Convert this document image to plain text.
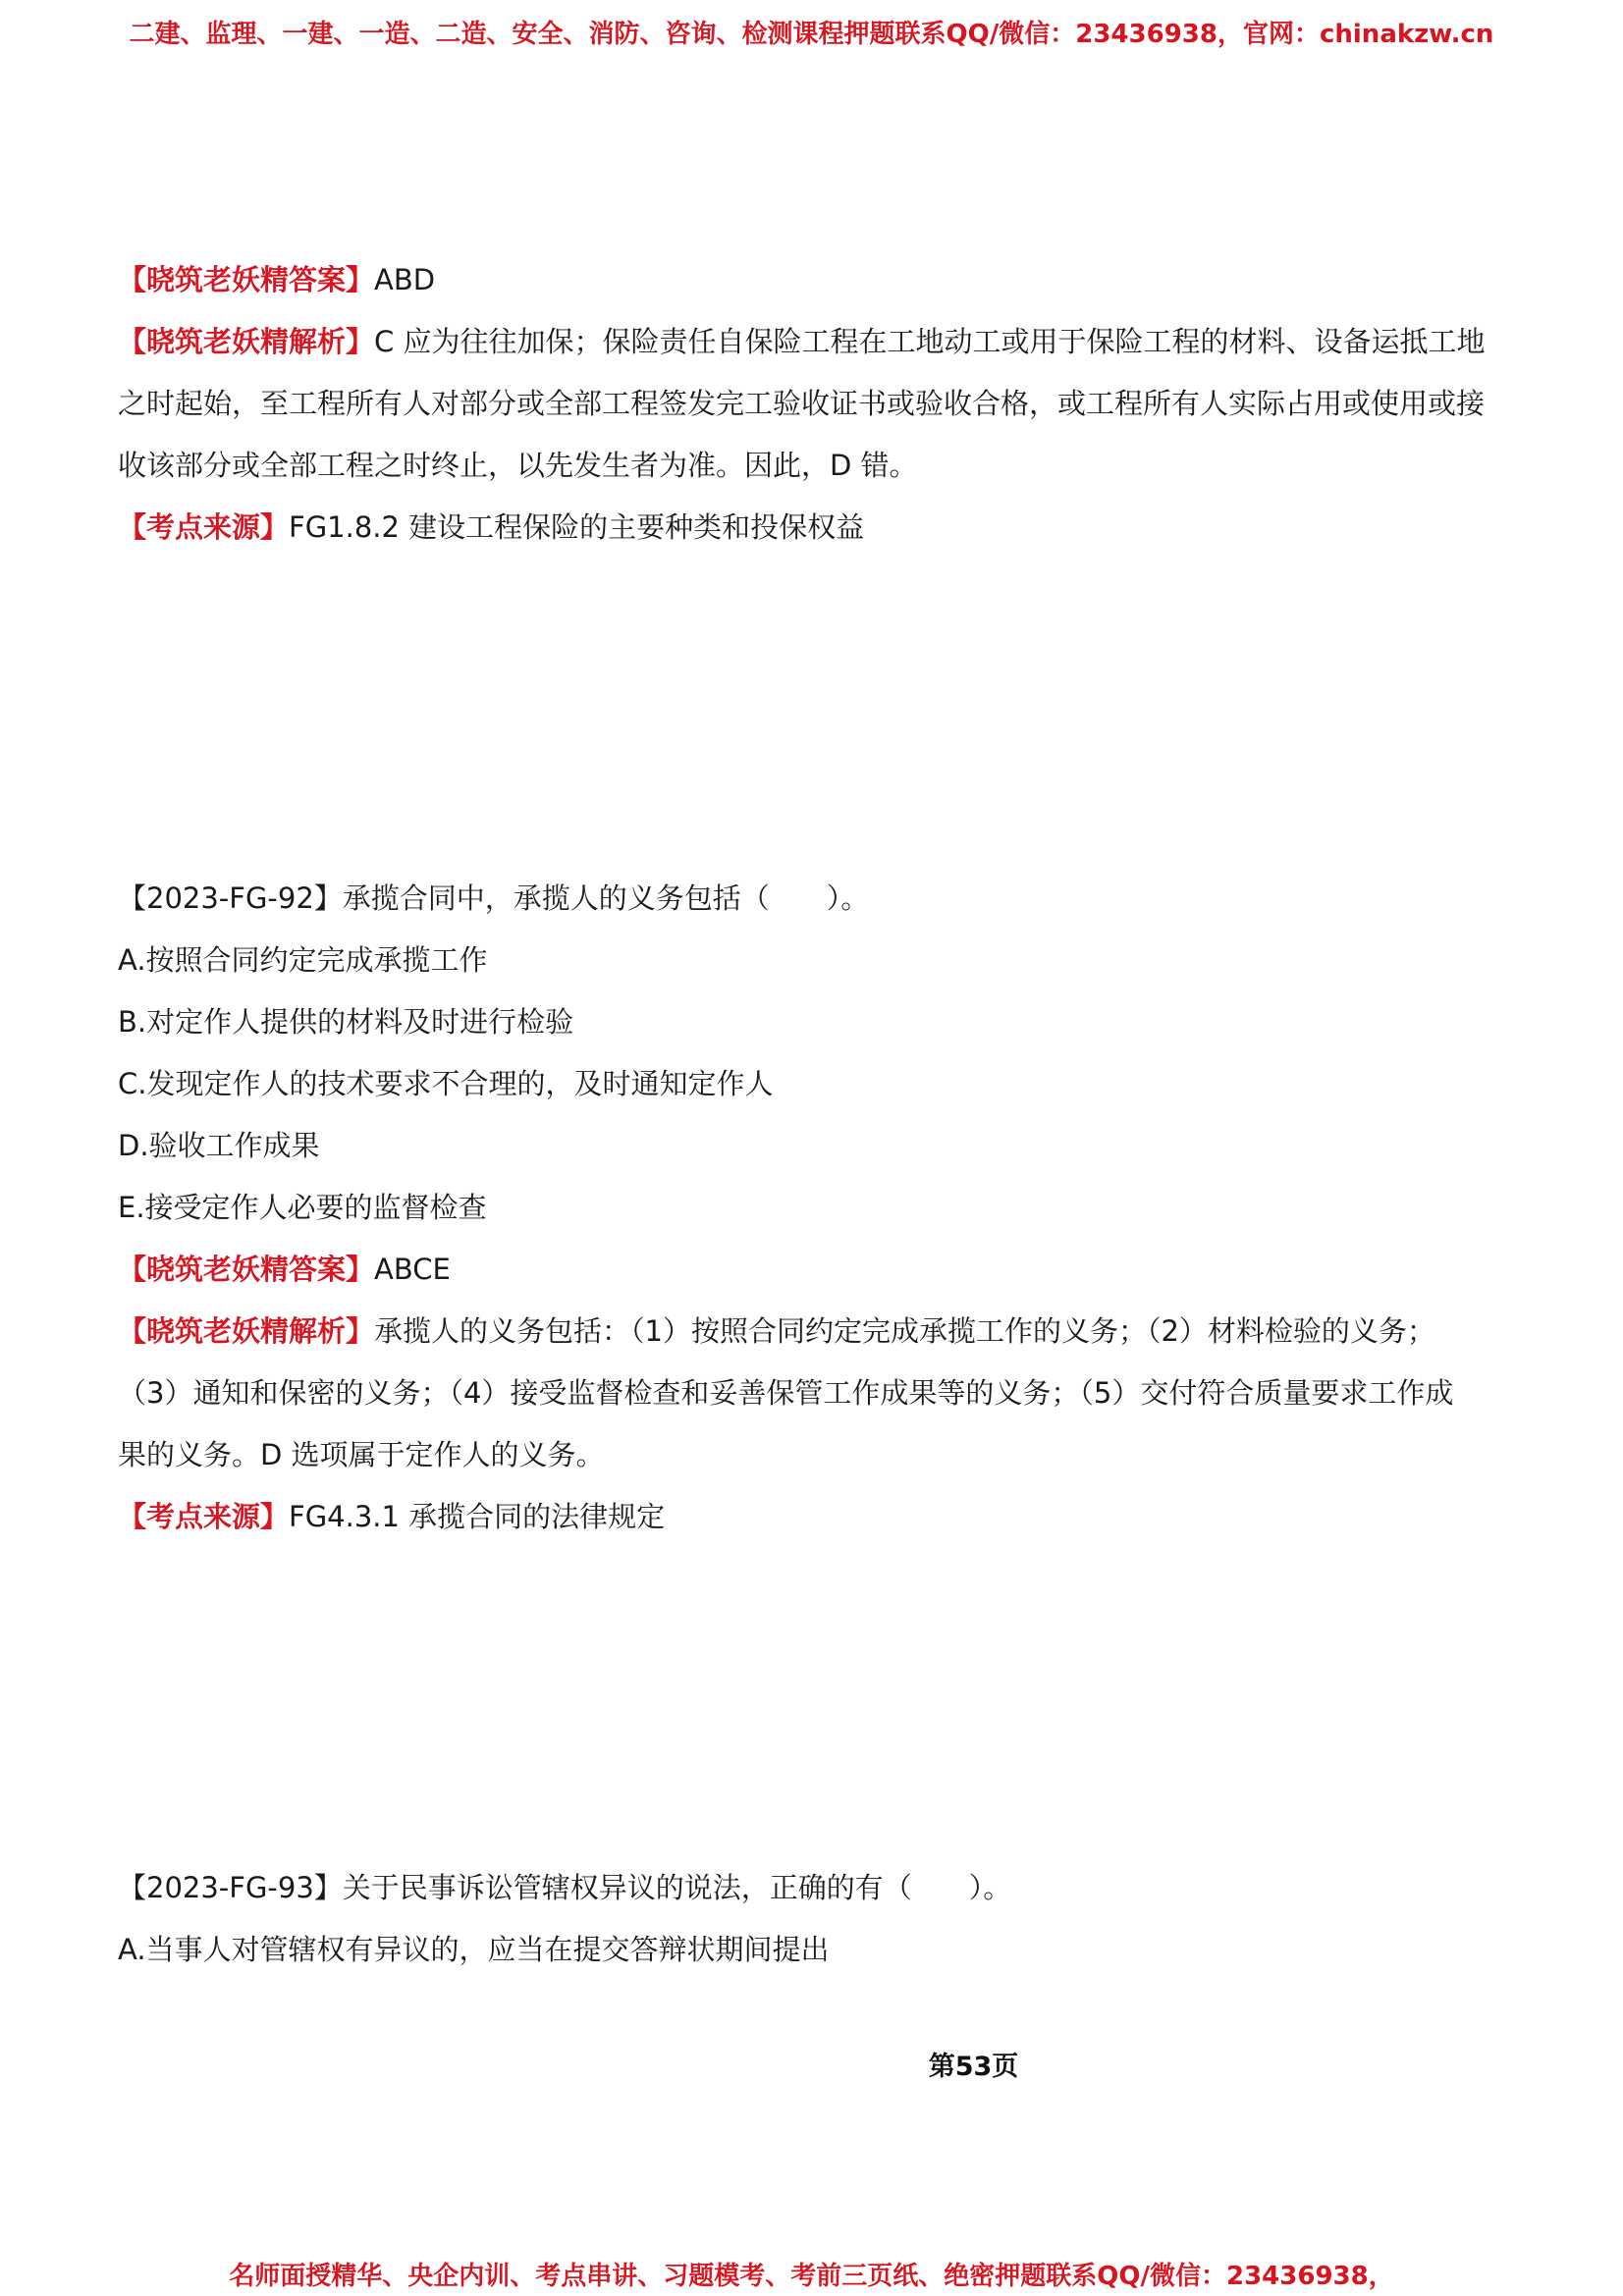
二建、监理、一建、一造、二造、安全、消防、咨询、检测课程押题联系QQ/微信：23436938，官网：chinakzw.cn
【晓筑老妖精答案】ABD
【晓筑老妖精解析】C 应为往往加保；保险责任自保险工程在工地动工或用于保险工程的材料、设备运抵工地
之时起始，至工程所有人对部分或全部工程签发完工验收证书或验收合格，或工程所有人实际占用或使用或接
收该部分或全部工程之时终止，以先发生者为准。因此，D 错。
【考点来源】FG1.8.2 建设工程保险的主要种类和投保权益
【2023-FG-92】承揽合同中，承揽人的义务包括（　　）。
A.按照合同约定完成承揽工作
B.对定作人提供的材料及时进行检验
C.发现定作人的技术要求不合理的，及时通知定作人
D.验收工作成果
E.接受定作人必要的监督检查
【晓筑老妖精答案】ABCE
【晓筑老妖精解析】承揽人的义务包括：（1）按照合同约定完成承揽工作的义务；（2）材料检验的义务；
（3）通知和保密的义务；（4）接受监督检查和妥善保管工作成果等的义务；（5）交付符合质量要求工作成
果的义务。D 选项属于定作人的义务。
【考点来源】FG4.3.1 承揽合同的法律规定
【2023-FG-93】关于民事诉讼管辖权异议的说法，正确的有（　　）。
A.当事人对管辖权有异议的，应当在提交答辩状期间提出
第53页
名师面授精华、央企内训、考点串讲、习题模考、考前三页纸、绝密押题联系QQ/微信：23436938，
